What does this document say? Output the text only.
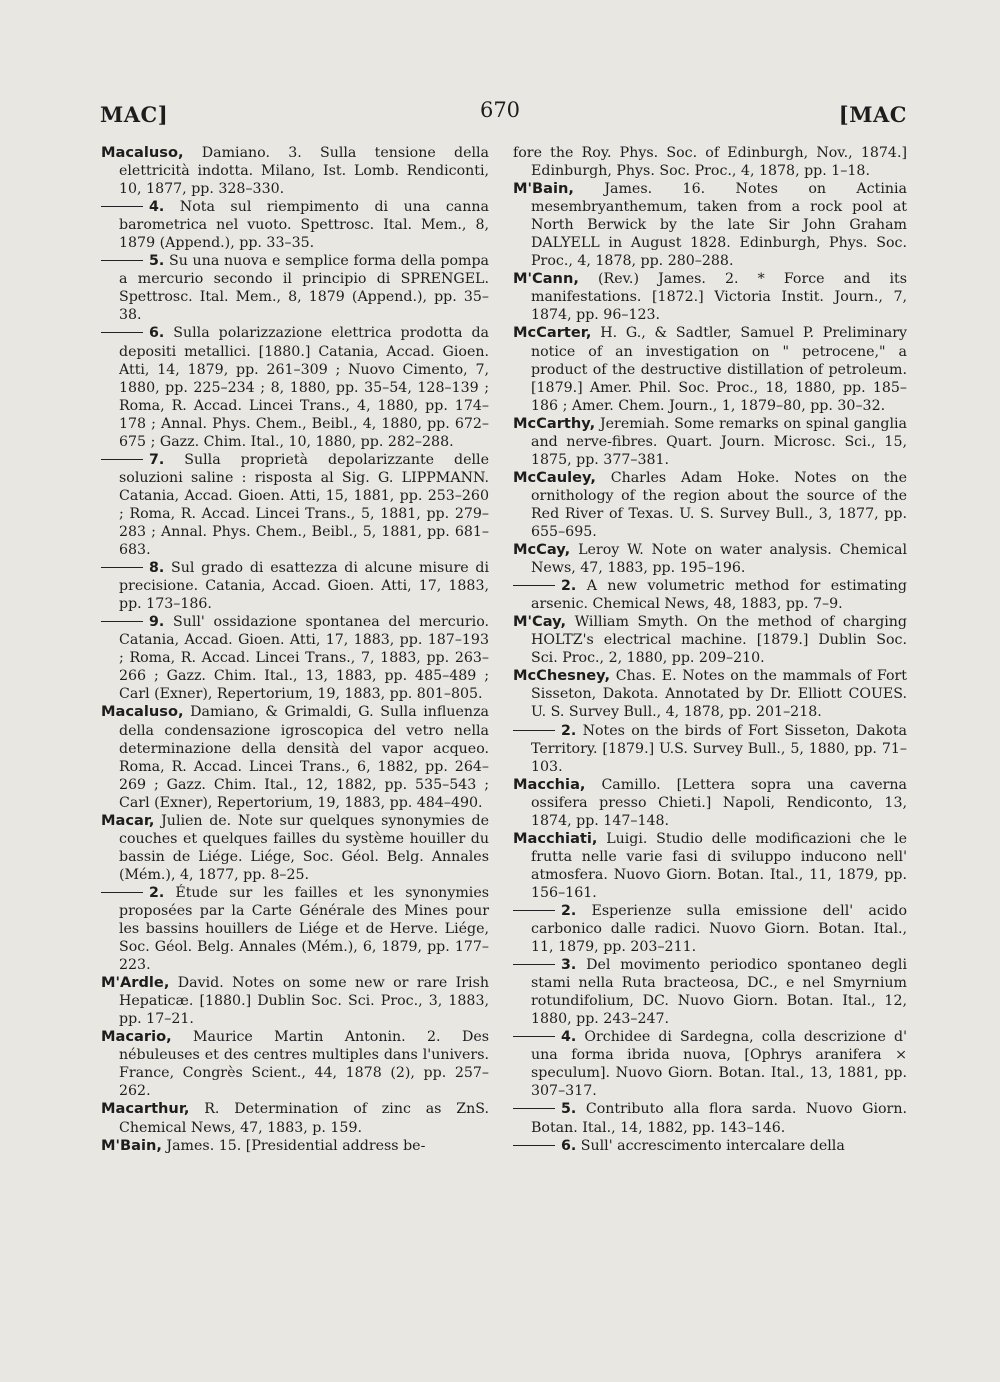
MAC]	670	[MAC

Macaluso, Damiano. 3. Sulla tensione della elettricità indotta. Milano, Ist. Lomb. Rendiconti, 10, 1877, pp. 328–330.

4. Nota sul riempimento di una canna barometrica nel vuoto. Spettrosc. Ital. Mem., 8, 1879 (Append.), pp. 33–35.

5. Su una nuova e semplice forma della pompa a mercurio secondo il principio di SPRENGEL. Spettrosc. Ital. Mem., 8, 1879 (Append.), pp. 35–38.

6. Sulla polarizzazione elettrica prodotta da depositi metallici. [1880.] Catania, Accad. Gioen. Atti, 14, 1879, pp. 261–309 ; Nuovo Cimento, 7, 1880, pp. 225–234 ; 8, 1880, pp. 35–54, 128–139 ; Roma, R. Accad. Lincei Trans., 4, 1880, pp. 174–178 ; Annal. Phys. Chem., Beibl., 4, 1880, pp. 672–675 ; Gazz. Chim. Ital., 10, 1880, pp. 282–288.

7. Sulla proprietà depolarizzante delle soluzioni saline : risposta al Sig. G. LIPPMANN. Catania, Accad. Gioen. Atti, 15, 1881, pp. 253–260 ; Roma, R. Accad. Lincei Trans., 5, 1881, pp. 279–283 ; Annal. Phys. Chem., Beibl., 5, 1881, pp. 681–683.

8. Sul grado di esattezza di alcune misure di precisione. Catania, Accad. Gioen. Atti, 17, 1883, pp. 173–186.

9. Sull' ossidazione spontanea del mercurio. Catania, Accad. Gioen. Atti, 17, 1883, pp. 187–193 ; Roma, R. Accad. Lincei Trans., 7, 1883, pp. 263–266 ; Gazz. Chim. Ital., 13, 1883, pp. 485–489 ; Carl (Exner), Repertorium, 19, 1883, pp. 801–805.

Macaluso, Damiano, & Grimaldi, G. Sulla influenza della condensazione igroscopica del vetro nella determinazione della densità del vapor acqueo. Roma, R. Accad. Lincei Trans., 6, 1882, pp. 264–269 ; Gazz. Chim. Ital., 12, 1882, pp. 535–543 ; Carl (Exner), Repertorium, 19, 1883, pp. 484–490.

Macar, Julien de. Note sur quelques synonymies de couches et quelques failles du système houiller du bassin de Liége. Liége, Soc. Géol. Belg. Annales (Mém.), 4, 1877, pp. 8–25.

2. Étude sur les failles et les synonymies proposées par la Carte Générale des Mines pour les bassins houillers de Liége et de Herve. Liége, Soc. Géol. Belg. Annales (Mém.), 6, 1879, pp. 177–223.

M'Ardle, David. Notes on some new or rare Irish Hepaticæ. [1880.] Dublin Soc. Sci. Proc., 3, 1883, pp. 17–21.

Macario, Maurice Martin Antonin. 2. Des nébuleuses et des centres multiples dans l'univers. France, Congrès Scient., 44, 1878 (2), pp. 257–262.

Macarthur, R. Determination of zinc as ZnS. Chemical News, 47, 1883, p. 159.

M'Bain, James. 15. [Presidential address be-

fore the Roy. Phys. Soc. of Edinburgh, Nov., 1874.] Edinburgh, Phys. Soc. Proc., 4, 1878, pp. 1–18.

M'Bain, James. 16. Notes on Actinia mesembryanthemum, taken from a rock pool at North Berwick by the late Sir John Graham DALYELL in August 1828. Edinburgh, Phys. Soc. Proc., 4, 1878, pp. 280–288.

M'Cann, (Rev.) James. 2. * Force and its manifestations. [1872.] Victoria Instit. Journ., 7, 1874, pp. 96–123.

McCarter, H. G., & Sadtler, Samuel P. Preliminary notice of an investigation on " petrocene," a product of the destructive distillation of petroleum. [1879.] Amer. Phil. Soc. Proc., 18, 1880, pp. 185–186 ; Amer. Chem. Journ., 1, 1879–80, pp. 30–32.

McCarthy, Jeremiah. Some remarks on spinal ganglia and nerve-fibres. Quart. Journ. Microsc. Sci., 15, 1875, pp. 377–381.

McCauley, Charles Adam Hoke. Notes on the ornithology of the region about the source of the Red River of Texas. U. S. Survey Bull., 3, 1877, pp. 655–695.

McCay, Leroy W. Note on water analysis. Chemical News, 47, 1883, pp. 195–196.

2. A new volumetric method for estimating arsenic. Chemical News, 48, 1883, pp. 7–9.

M'Cay, William Smyth. On the method of charging HOLTZ's electrical machine. [1879.] Dublin Soc. Sci. Proc., 2, 1880, pp. 209–210.

McChesney, Chas. E. Notes on the mammals of Fort Sisseton, Dakota. Annotated by Dr. Elliott COUES. U. S. Survey Bull., 4, 1878, pp. 201–218.

2. Notes on the birds of Fort Sisseton, Dakota Territory. [1879.] U.S. Survey Bull., 5, 1880, pp. 71–103.

Macchia, Camillo. [Lettera sopra una caverna ossifera presso Chieti.] Napoli, Rendiconto, 13, 1874, pp. 147–148.

Macchiati, Luigi. Studio delle modificazioni che le frutta nelle varie fasi di sviluppo inducono nell' atmosfera. Nuovo Giorn. Botan. Ital., 11, 1879, pp. 156–161.

2. Esperienze sulla emissione dell' acido carbonico dalle radici. Nuovo Giorn. Botan. Ital., 11, 1879, pp. 203–211.

3. Del movimento periodico spontaneo degli stami nella Ruta bracteosa, DC., e nel Smyrnium rotundifolium, DC. Nuovo Giorn. Botan. Ital., 12, 1880, pp. 243–247.

4. Orchidee di Sardegna, colla descrizione d' una forma ibrida nuova, [Ophrys aranifera × speculum]. Nuovo Giorn. Botan. Ital., 13, 1881, pp. 307–317.

5. Contributo alla flora sarda. Nuovo Giorn. Botan. Ital., 14, 1882, pp. 143–146.

6. Sull' accrescimento intercalare della
